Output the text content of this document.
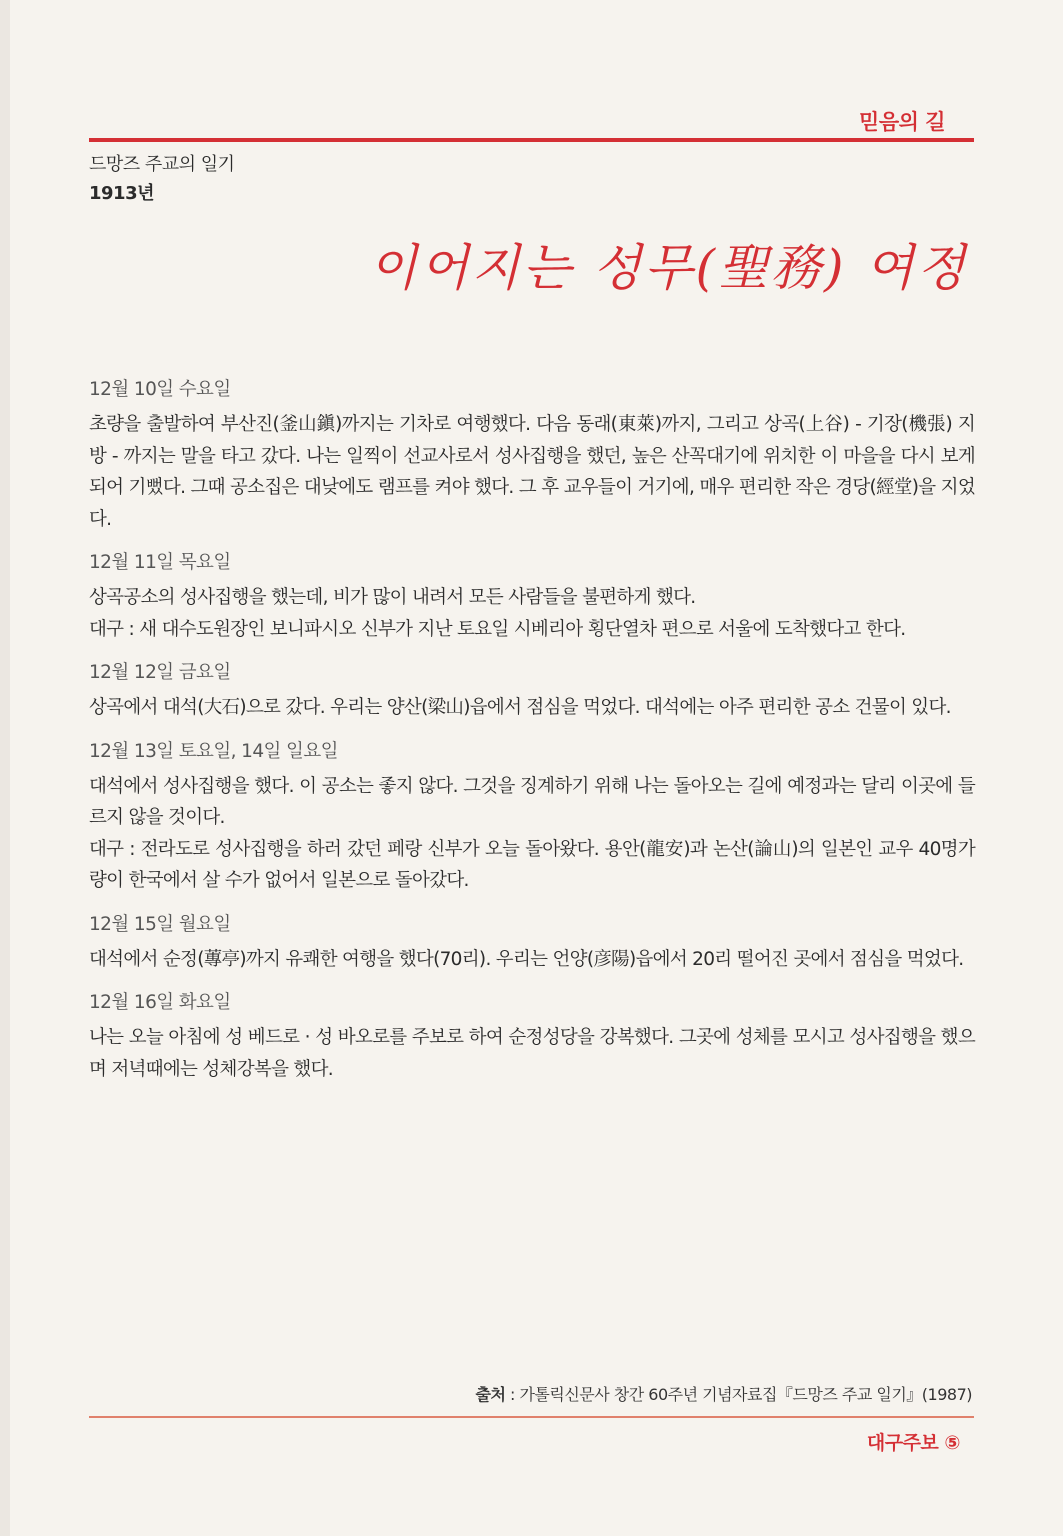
믿음의 길
드망즈 주교의 일기
1913년
이어지는 성무(聖務) 여정
12월 10일 수요일

초량을 출발하여 부산진(釜山鎭)까지는 기차로 여행했다. 다음 동래(東萊)까지, 그리고 상곡(上谷) - 기장(機張) 지방 - 까지는 말을 타고 갔다. 나는 일찍이 선교사로서 성사집행을 했던, 높은 산꼭대기에 위치한 이 마을을 다시 보게 되어 기뻤다. 그때 공소집은 대낮에도 램프를 켜야 했다. 그 후 교우들이 거기에, 매우 편리한 작은 경당(經堂)을 지었다.

12월 11일 목요일

상곡공소의 성사집행을 했는데, 비가 많이 내려서 모든 사람들을 불편하게 했다.

대구 : 새 대수도원장인 보니파시오 신부가 지난 토요일 시베리아 횡단열차 편으로 서울에 도착했다고 한다.

12월 12일 금요일

상곡에서 대석(大石)으로 갔다. 우리는 양산(梁山)읍에서 점심을 먹었다. 대석에는 아주 편리한 공소 건물이 있다.

12월 13일 토요일, 14일 일요일

대석에서 성사집행을 했다. 이 공소는 좋지 않다. 그것을 징계하기 위해 나는 돌아오는 길에 예정과는 달리 이곳에 들르지 않을 것이다.

대구 : 전라도로 성사집행을 하러 갔던 페랑 신부가 오늘 돌아왔다. 용안(龍安)과 논산(論山)의 일본인 교우 40명가량이 한국에서 살 수가 없어서 일본으로 돌아갔다.

12월 15일 월요일

대석에서 순정(蓴亭)까지 유쾌한 여행을 했다(70리). 우리는 언양(彦陽)읍에서 20리 떨어진 곳에서 점심을 먹었다.

12월 16일 화요일

나는 오늘 아침에 성 베드로 · 성 바오로를 주보로 하여 순정성당을 강복했다. 그곳에 성체를 모시고 성사집행을 했으며 저녁때에는 성체강복을 했다.

출처 : 가톨릭신문사 창간 60주년 기념자료집『드망즈 주교 일기』(1987)
대구주보 ⑤
